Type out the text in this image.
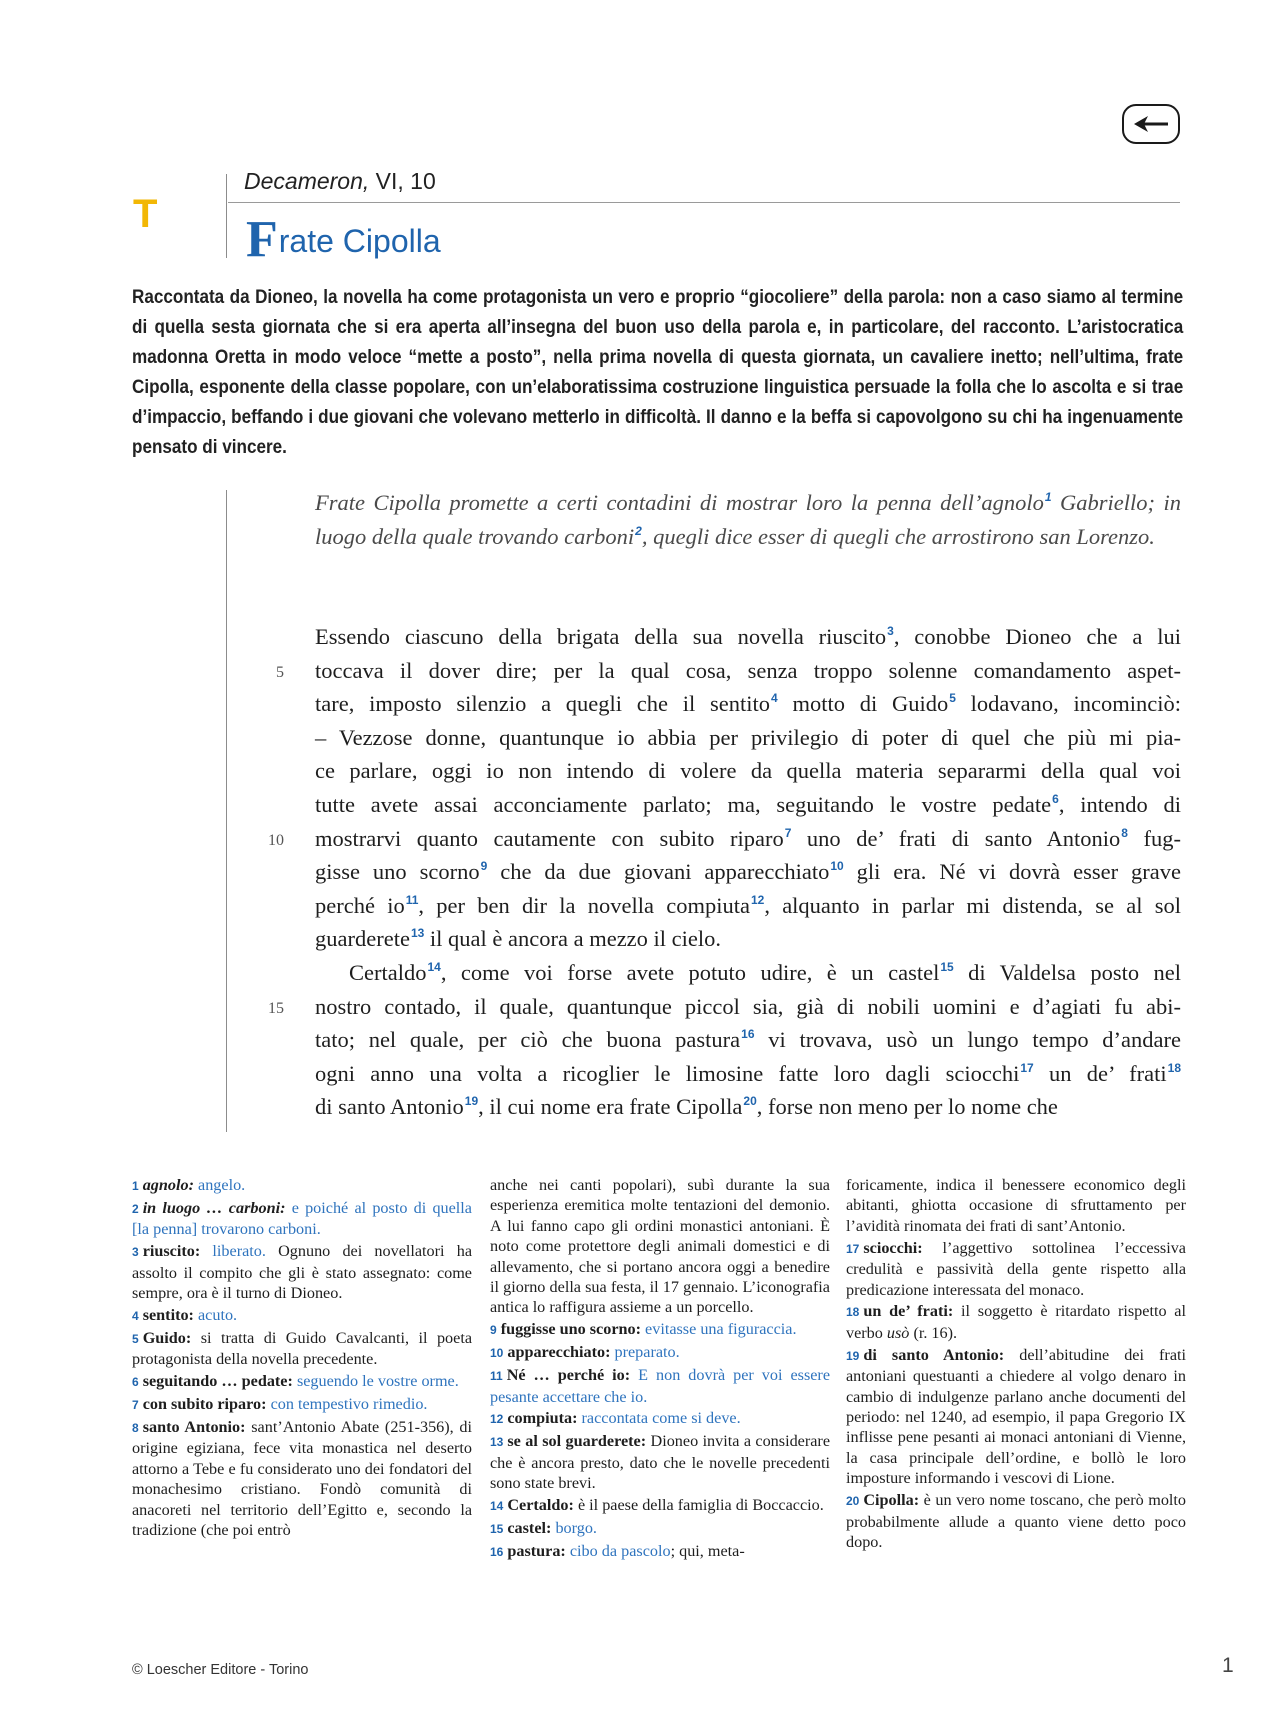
T
Decameron, VI, 10
Frate Cipolla
Raccontata da Dioneo, la novella ha come protagonista un vero e proprio “giocoliere” della parola: non a caso siamo al termine di quella sesta giornata che si era aperta all’insegna del buon uso della parola e, in particolare, del racconto. L’aristocratica madonna Oretta in modo veloce “mette a posto”, nella prima novella di questa giornata, un cavaliere inetto; nell’ultima, frate Cipolla, esponente della classe popolare, con un’elaboratissima costruzione linguistica persuade la folla che lo ascolta e si trae d’impaccio, beffando i due giovani che volevano metterlo in difficoltà. Il danno e la beffa si capovolgono su chi ha ingenuamente pensato di vincere.
Frate Cipolla promette a certi contadini di mostrar loro la penna dell’agnolo$^1$ Gabriello; in luogo della quale trovando carboni$^2$, quegli dice esser di quegli che arrostirono san Lorenzo.
5
10
15
Essendo ciascuno della brigata della sua novella riuscito$^3$, conobbe Dioneo che a lui
toccava il dover dire; per la qual cosa, senza troppo solenne comandamento aspet-
tare, imposto silenzio a quegli che il sentito$^4$ motto di Guido$^5$ lodavano, incominciò:
– Vezzose donne, quantunque io abbia per privilegio di poter di quel che più mi pia-
ce parlare, oggi io non intendo di volere da quella materia separarmi della qual voi
tutte avete assai acconciamente parlato; ma, seguitando le vostre pedate$^6$, intendo di
mostrarvi quanto cautamente con subito riparo$^7$ uno de’ frati di santo Antonio$^8$ fug-
gisse uno scorno$^9$ che da due giovani apparecchiato$^{10}$ gli era. Né vi dovrà esser grave
perché $io^{11}$, per ben dir la novella compiuta$^{12}$, alquanto in parlar mi distenda, se al sol
guarderete$^{13}$ il qual è ancora a mezzo il cielo.
Certaldo$^{14}$, come voi forse avete potuto udire, è un castel$^{15}$ di Valdelsa posto nel
nostro contado, il quale, quantunque piccol sia, già di nobili uomini e d’agiati fu abi-
tato; nel quale, per ciò che buona pastura$^{16}$ vi trovava, usò un lungo tempo d’andare
ogni anno una volta a ricoglier le limosine fatte loro dagli sciocchi$^{17}$ un de’ frati$^{18}$
di santo Antonio$^{19}$, il cui nome era frate Cipolla$^{20}$, forse non meno per lo nome che
1 agnolo: angelo.
2 in luogo … carboni: e poiché al posto di quella [la penna] trovarono carboni.
3 riuscito: liberato. Ognuno dei novellatori ha assolto il compito che gli è stato assegnato: come sempre, ora è il turno di Dioneo.
4 sentito: acuto.
5 Guido: si tratta di Guido Cavalcanti, il poeta protagonista della novella precedente.
6 seguitando … pedate: seguendo le vostre orme.
7 con subito riparo: con tempestivo rimedio.
8 santo Antonio: sant’Antonio Abate (251-356), di origine egiziana, fece vita monastica nel deserto attorno a Tebe e fu considerato uno dei fondatori del monachesimo cristiano. Fondò comunità di anacoreti nel territorio dell’Egitto e, secondo la tradizione (che poi entrò
anche nei canti popolari), subì durante la sua esperienza eremitica molte tentazioni del demonio. A lui fanno capo gli ordini monastici antoniani. È noto come protettore degli animali domestici e di allevamento, che si portano ancora oggi a benedire il giorno della sua festa, il 17 gennaio. L’iconografia antica lo raffigura assieme a un porcello.
9 fuggisse uno scorno: evitasse una figuraccia.
10 apparecchiato: preparato.
11 Né … perché io: E non dovrà per voi essere pesante accettare che io.
12 compiuta: raccontata come si deve.
13 se al sol guarderete: Dioneo invita a considerare che è ancora presto, dato che le novelle precedenti sono state brevi.
14 Certaldo: è il paese della famiglia di Boccaccio.
15 castel: borgo.
16 pastura: cibo da pascolo; qui, meta-
foricamente, indica il benessere economico degli abitanti, ghiotta occasione di sfruttamento per l’avidità rinomata dei frati di sant’Antonio.
17 sciocchi: l’aggettivo sottolinea l’eccessiva credulità e passività della gente rispetto alla predicazione interessata del monaco.
18 un de’ frati: il soggetto è ritardato rispetto al verbo usò (r. 16).
19 di santo Antonio: dell’abitudine dei frati antoniani questuanti a chiedere al volgo denaro in cambio di indulgenze parlano anche documenti del periodo: nel 1240, ad esempio, il papa Gregorio IX inflisse pene pesanti ai monaci antoniani di Vienne, la casa principale dell’ordine, e bollò le loro imposture informando i vescovi di Lione.
20 Cipolla: è un vero nome toscano, che però molto probabilmente allude a quanto viene detto poco dopo.
© Loescher Editore - Torino	1
